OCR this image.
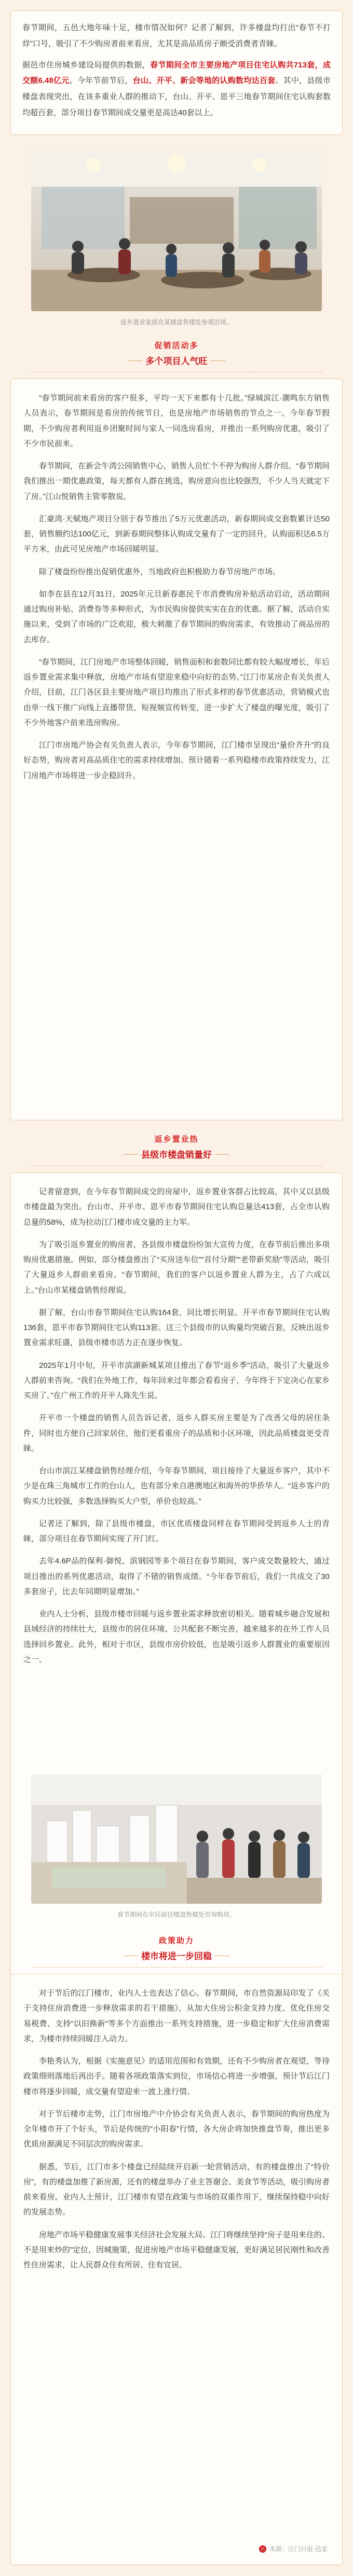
春节期间，五邑大地年味十足，楼市情况如何？记者了解到，许多楼盘均打出“春节不打烊”口号，吸引了不少购房者前来看房，尤其是高品质房子颇受消费者青睐。

据邑市住房城乡建设局提供的数据，春节期间全市主要房地产项目住宅认购共713套，成交额6.48亿元。今年节前节后，台山、开平、新会等地的认购数均达百套。其中，县级市楼盘表现突出，在该多重业人群的推动下，台山、开平、恩平三地春节期间住宅认购套数均超百套，部分项目春节期间成交量更是高达40套以上。

返乡置业家庭在某楼盘售楼处参观洽谈。
促销活动多
多个项目人气旺

“春节期间前来看房的客户很多，平均一天下来都有十几批。”绿城滨江·潮鸣东方销售人员表示，春节期间是看房的传统节日，也是房地产市场销售的节点之一。今年春节假期，不少购房者利用返乡团聚时间与家人一同选房看房，并推出一系列购房优惠，吸引了不少市民前来。

春节期间，在新会牛湾公园销售中心，销售人员忙个不停为购房人群介绍。“春节期间我们推出一期优惠政策，每天都有人群在挑选，购房意向也比较强烈，不少人当天就定下了房。”江山悦销售主管零散说。

汇豪湾·天赋地产项目分别于春节推出了5万元优惠活动，新春期间成交套数累计达50套，销售额约达100亿元，到新春期间整体认购成交量有了一定的回升，认购面积达6.5万平方米，由此可见房地产市场回暖明显。

除了楼盘纷纷推出促销优惠外，当地政府也积极助力春节房地产市场。

如李在县在12月31日，2025年元旦新春惠民千市消费购房补贴活动启动，活动期间通过购房补贴、消费券等多种形式，为市民购房提供实实在在的优惠。据了解，活动自实施以来，受到了市场的广泛欢迎，极大刺激了春节期间的购房需求，有效推动了商品房的去库存。

“春节期间，江门房地产市场整体回暖，销售面积和套数同比都有较大幅度增长，年后返乡置业需求集中释放，房地产市场有望迎来稳中向好的态势。”江门市某房企有关负责人介绍，目前，江门各区县主要房地产项目均推出了形式多样的春节优惠活动，营销模式也由单一线下推广向线上直播带货、短视频宣传转变，进一步扩大了楼盘的曝光度，吸引了不少外地客户前来选房购房。

江门市房地产协会有关负责人表示，今年春节期间，江门楼市呈现出“量价齐升”的良好态势，购房者对高品质住宅的需求持续增加。预计随着一系列稳楼市政策持续发力，江门房地产市场将进一步企稳回升。

返乡置业热
县级市楼盘销量好

记者留意到，在今年春节期间成交的房屋中，返乡置业客群占比较高，其中又以县级市楼盘最为突出。台山市、开平市、恩平市春节期间住宅认购总量达413套，占全市认购总量的58%，成为拉动江门楼市成交量的主力军。

为了吸引返乡置业的购房者，各县级市楼盘纷纷加大宣传力度，在春节前后推出多项购房优惠措施。例如，部分楼盘推出了“买房送车位”“首付分期”“老带新奖励”等活动，吸引了大量返乡人群前来看房。“春节期间，我们的客户以返乡置业人群为主，占了六成以上。”台山市某楼盘销售经理说。

据了解，台山市春节期间住宅认购164套，同比增长明显。开平市春节期间住宅认购136套，恩平市春节期间住宅认购113套。这三个县级市的认购量均突破百套，反映出返乡置业需求旺盛，县级市楼市活力正在逐步恢复。

2025年1月中旬，开平市滨湖新城某项目推出了春节“返乡季”活动，吸引了大量返乡人群前来咨询。“我们在外地工作，每年回来过年都会看看房子，今年终于下定决心在家乡买房了。”在广州工作的开平人陈先生说。

开平市一个楼盘的销售人员告诉记者，返乡人群买房主要是为了改善父母的居住条件，同时也方便自己回家居住，他们更看重房子的品质和小区环境，因此品质楼盘更受青睐。

台山市滨江某楼盘销售经理介绍，今年春节期间，项目接待了大量返乡客户，其中不少是在珠三角城市工作的台山人，也有部分来自港澳地区和海外的华侨华人。“返乡客户的购买力比较强，多数选择购买大户型，单价也较高。”

记者还了解到，除了县级市楼盘，市区优质楼盘同样在春节期间受到返乡人士的青睐，部分项目在春节期间实现了开门红。

去年4.6P品的保利·御悦、滨钢园等多个项目在春节期间，客户成交数量较大，通过项目推出的系列优惠活动，取得了不错的销售成绩。“今年春节前后，我们一共成交了30多套房子，比去年同期明显增加。”

业内人士分析，县级市楼市回暖与返乡置业需求释放密切相关。随着城乡融合发展和县域经济的持续壮大，县级市的居住环境、公共配套不断完善，越来越多的在外工作人员选择回乡置业。此外，相对于市区，县级市房价较低，也是吸引返乡人群置业的重要原因之一。

春节期间在市民前往楼盘售楼处咨询购房。
政策助力
楼市将进一步回稳

对于节后的江门楼市，业内人士也表达了信心。春节期间，市自然资源局印发了《关于支持住房消费进一步释放需求的若干措施》，从加大住房公积金支持力度、优化住房交易税费、支持“以旧换新”等多个方面推出一系列支持措施，进一步稳定和扩大住房消费需求，为楼市持续回暖注入动力。

李艳秀认为，根据《实施意见》的适用范围和有效期，还有不少购房者在观望，等待政策细则落地后再出手。随着各项政策落实到位，市场信心将进一步增强，预计节后江门楼市将逐步回暖，成交量有望迎来一波上涨行情。

对于节后楼市走势，江门市房地产中介协会有关负责人表示，春节期间的购房热度为全年楼市开了个好头，节后是传统的“小阳春”行情，各大房企将加快推盘节奏，推出更多优质房源满足不同层次的购房需求。

据悉，节后，江门市多个楼盘已经陆续开启新一轮营销活动，有的楼盘推出了“特价房”，有的楼盘加推了新房源，还有的楼盘举办了业主答谢会、美食节等活动，吸引购房者前来看房。业内人士预计，江门楼市有望在政策与市场的双重作用下，继续保持稳中向好的发展态势。

房地产市场平稳健康发展事关经济社会发展大局。江门将继续坚持“房子是用来住的、不是用来炒的”定位，因城施策，促进房地产市场平稳健康发展，更好满足居民刚性和改善性住房需求，让人民群众住有所居、住有宜居。

邑 来源：江门日报·邑家
